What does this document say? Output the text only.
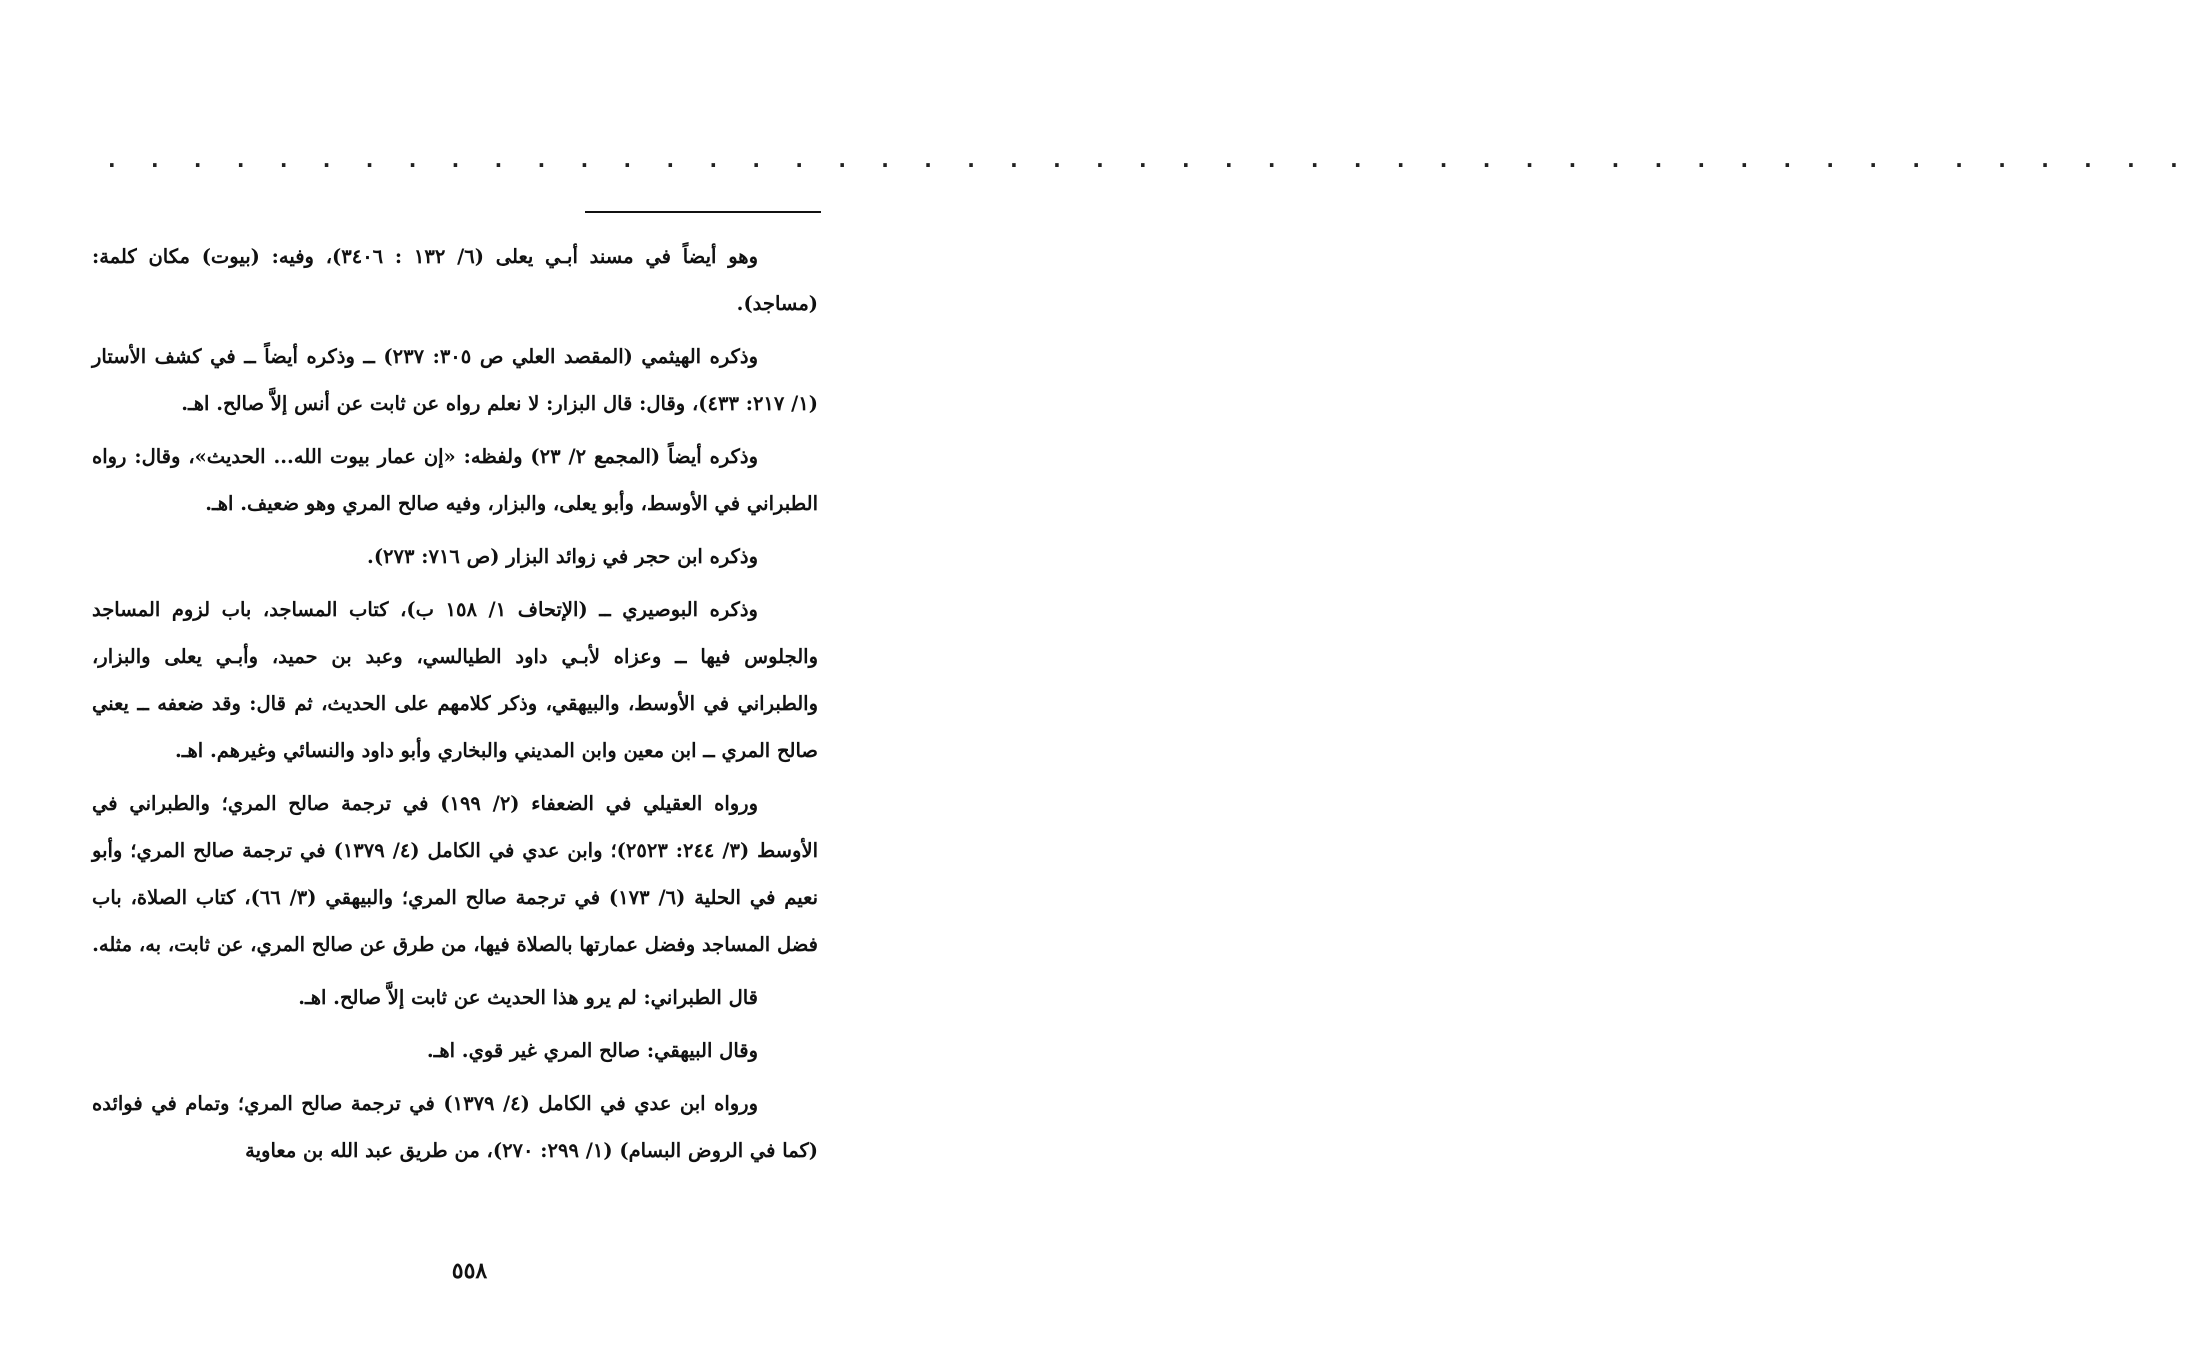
. . . . . . . . . . . . . . . . . . . . . . . . . . . . . . . . . . . . . . . . . . . . . . . . .

وهو أيضاً في مسند أبـي يعلى (٦/ ١٣٢ : ٣٤٠٦)، وفيه: (بيوت) مكان كلمة: (مساجد).

وذكره الهيثمي (المقصد العلي ص ٣٠٥: ٢٣٧) ــ وذكره أيضاً ــ في كشف الأستار (١/ ٢١٧: ٤٣٣)، وقال: قال البزار: لا نعلم رواه عن ثابت عن أنس إلاَّ صالح. اهـ.

وذكره أيضاً (المجمع ٢/ ٢٣) ولفظه: «إن عمار بيوت الله... الحديث»، وقال: رواه الطبراني في الأوسط، وأبو يعلى، والبزار، وفيه صالح المري وهو ضعيف. اهـ.

وذكره ابن حجر في زوائد البزار (ص ٧١٦: ٢٧٣).

وذكره البوصيري ــ (الإتحاف ١/ ١٥٨ ب)، كتاب المساجد، باب لزوم المساجد والجلوس فيها ــ وعزاه لأبـي داود الطيالسي، وعبد بن حميد، وأبـي يعلى والبزار، والطبراني في الأوسط، والبيهقي، وذكر كلامهم على الحديث، ثم قال: وقد ضعفه ــ يعني صالح المري ــ ابن معين وابن المديني والبخاري وأبو داود والنسائي وغيرهم. اهـ.

ورواه العقيلي في الضعفاء (٢/ ١٩٩) في ترجمة صالح المري؛ والطبراني في الأوسط (٣/ ٢٤٤: ٢٥٢٣)؛ وابن عدي في الكامل (٤/ ١٣٧٩) في ترجمة صالح المري؛ وأبو نعيم في الحلية (٦/ ١٧٣) في ترجمة صالح المري؛ والبيهقي (٣/ ٦٦)، كتاب الصلاة، باب فضل المساجد وفضل عمارتها بالصلاة فيها، من طرق عن صالح المري، عن ثابت، به، مثله.

قال الطبراني: لم يرو هذا الحديث عن ثابت إلاَّ صالح. اهـ.

وقال البيهقي: صالح المري غير قوي. اهـ.

ورواه ابن عدي في الكامل (٤/ ١٣٧٩) في ترجمة صالح المري؛ وتمام في فوائده (كما في الروض البسام) (١/ ٢٩٩: ٢٧٠)، من طريق عبد الله بن معاوية

٥٥٨
